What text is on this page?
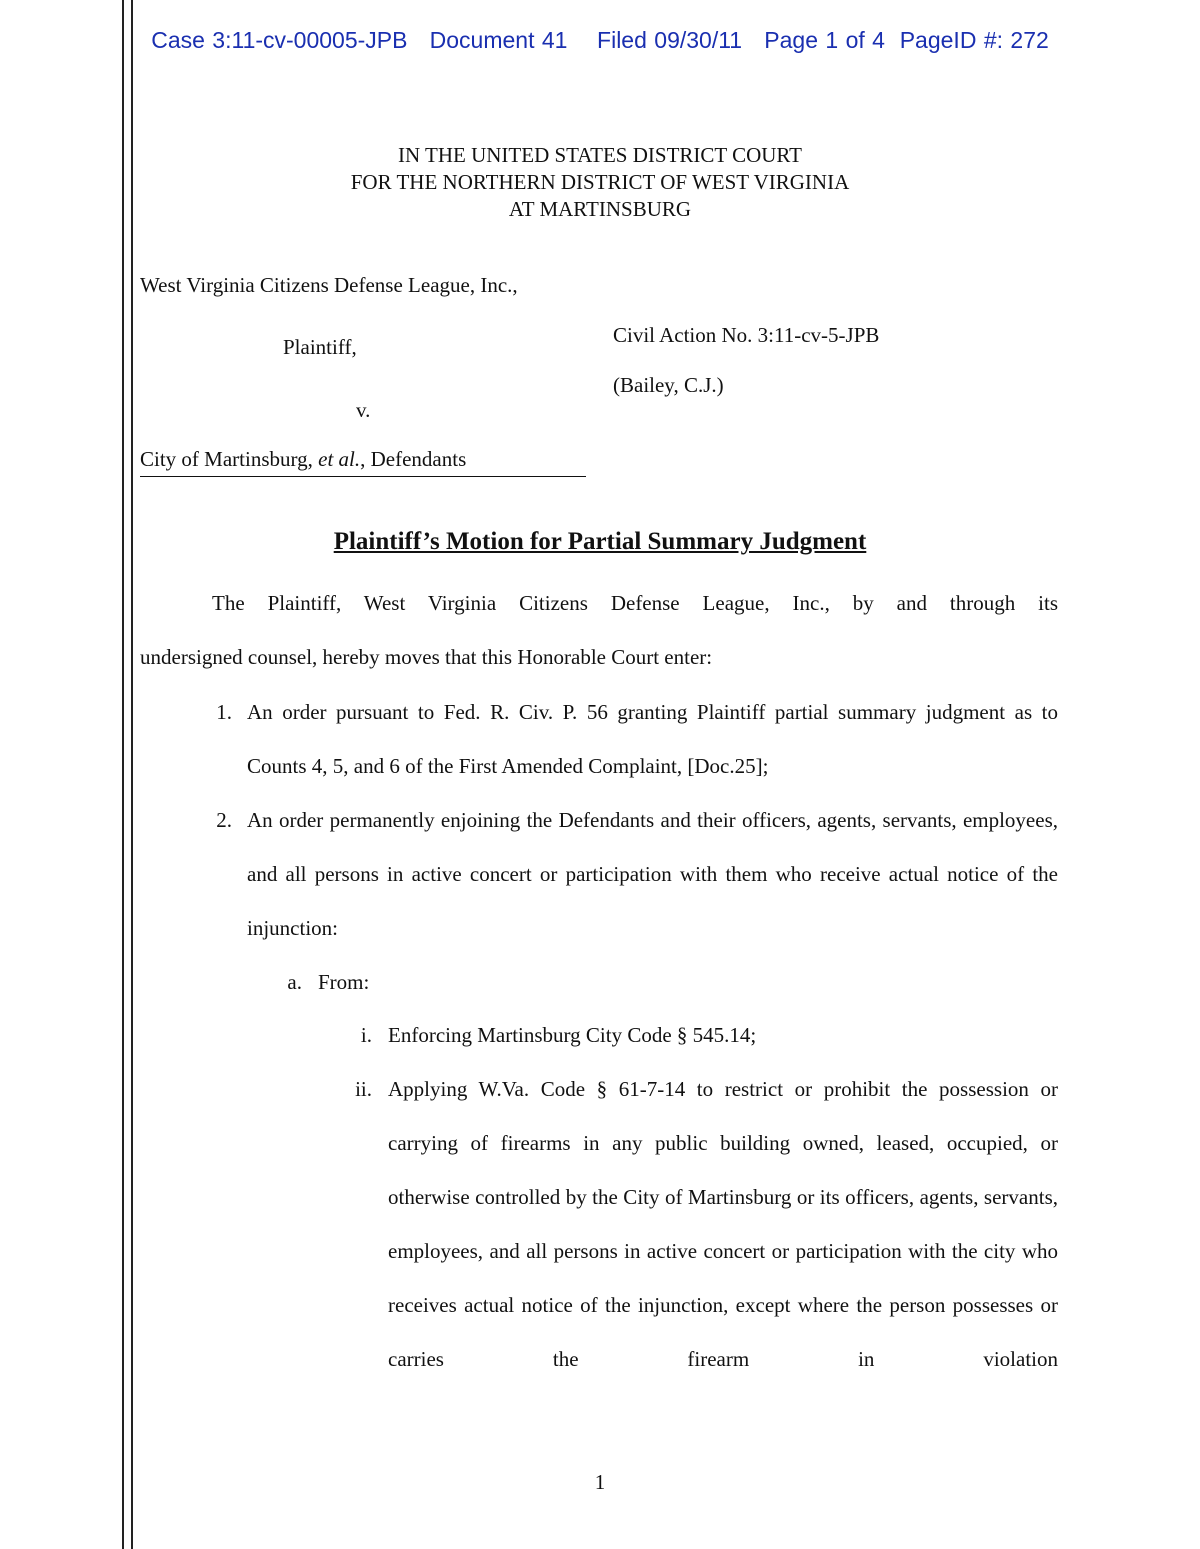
Case 3:11-cv-00005-JPB Document 41 Filed 09/30/11 Page 1 of 4 PageID #: 272
IN THE UNITED STATES DISTRICT COURT
FOR THE NORTHERN DISTRICT OF WEST VIRGINIA
AT MARTINSBURG
West Virginia Citizens Defense League, Inc.,
Plaintiff,
v.
City of Martinsburg, et al., Defendants
Civil Action No. 3:11-cv-5-JPB
(Bailey, C.J.)
Plaintiff’s Motion for Partial Summary Judgment
The Plaintiff, West Virginia Citizens Defense League, Inc., by and through its
undersigned counsel, hereby moves that this Honorable Court enter:
1. An order pursuant to Fed. R. Civ. P. 56 granting Plaintiff partial summary judgment as to Counts 4, 5, and 6 of the First Amended Complaint, [Doc.25];
2. An order permanently enjoining the Defendants and their officers, agents, servants, employees, and all persons in active concert or participation with them who receive actual notice of the injunction:
a. From:
i. Enforcing Martinsburg City Code § 545.14;
ii. Applying W.Va. Code § 61-7-14 to restrict or prohibit the possession or carrying of firearms in any public building owned, leased, occupied, or otherwise controlled by the City of Martinsburg or its officers, agents, servants, employees, and all persons in active concert or participation with the city who receives actual notice of the injunction, except where the person possesses or carries the firearm in violation
1
